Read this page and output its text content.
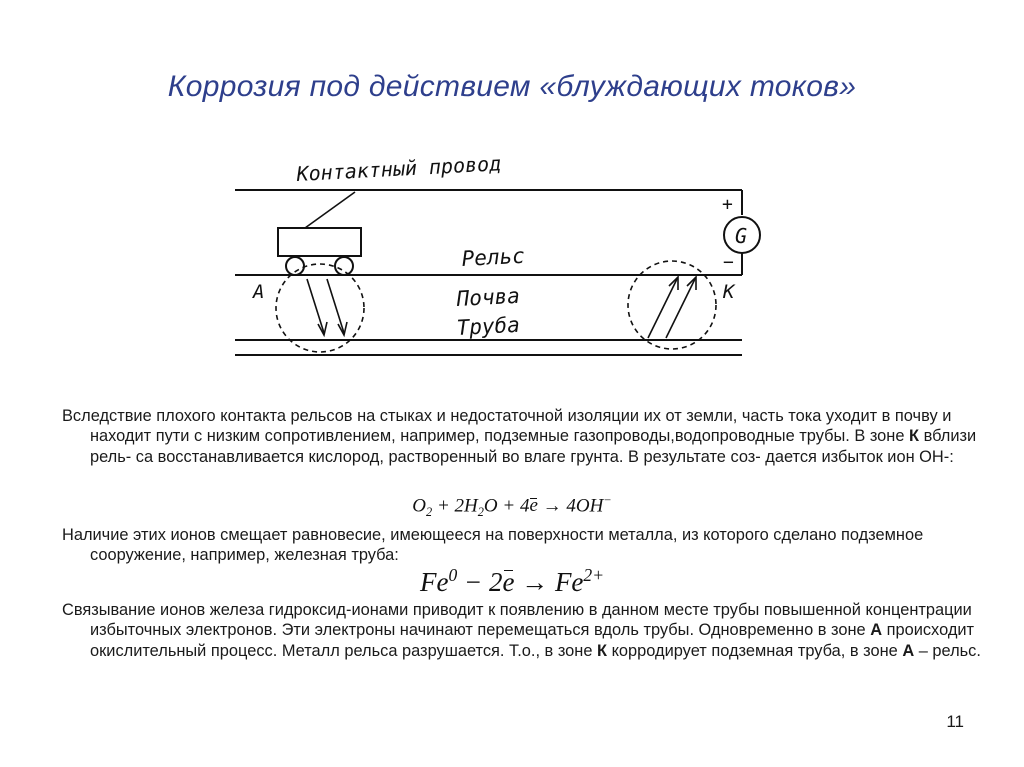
Коррозия под действием «блуждающих токов»
G
+
−
Контактный провод
Рельс
Почва
Труба
А	К

Вследствие плохого контакта рельсов на стыках и недостаточной изоляции их от земли, часть тока уходит в почву и находит пути с низким сопротивлением, например, подземные газопроводы,водопроводные трубы. В зоне К вблизи рель- са восстанавливается кислород, растворенный во влаге грунта. В результате соз- дается избыток ион ОН-:

$O_2 + 2H_2O + 4e \to 4OH^-$

Наличие этих ионов смещает равновесие, имеющееся на поверхности металла, из которого сделано подземное сооружение, например, железная труба:

$Fe^0 - 2e \to Fe^{2+}$

Связывание ионов железа гидроксид-ионами приводит к появлению в данном месте трубы повышенной концентрации избыточных электронов. Эти электроны начинают перемещаться вдоль трубы. Одновременно в зоне А происходит окислительный процесс. Металл рельса разрушается. Т.о., в зоне К корродирует подземная труба, в зоне А – рельс.

11
